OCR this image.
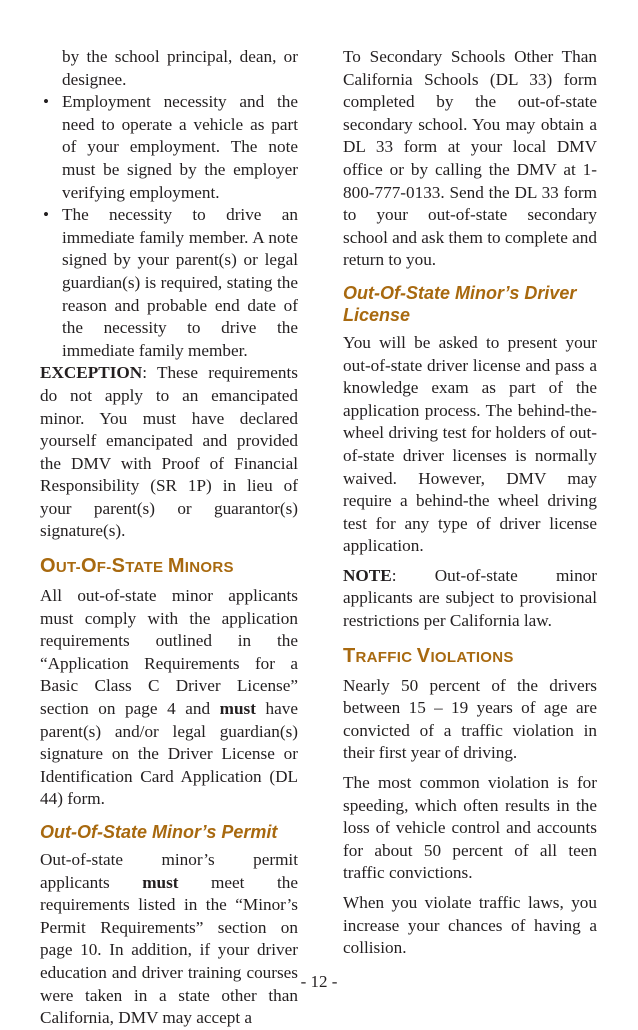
by the school principal, dean, or designee.

• Employment necessity and the need to operate a vehicle as part of your employment. The note must be signed by the employer verifying employment.
• The necessity to drive an immediate family member. A note signed by your parent(s) or legal guardian(s) is required, stating the reason and probable end date of the necessity to drive the immediate family member.

EXCEPTION: These requirements do not apply to an emancipated minor. You must have declared yourself emancipated and provided the DMV with Proof of Financial Responsibility (SR 1P) in lieu of your parent(s) or guarantor(s) signature(s).

OUT-OF-STATE MINORS

All out-of-state minor applicants must comply with the application requirements outlined in the “Application Requirements for a Basic Class C Driver License” section on page 4 and must have parent(s) and/or legal guardian(s) signature on the Driver License or Identification Card Application (DL 44) form.

Out-Of-State Minor’s Permit

Out-of-state minor’s permit applicants must meet the requirements listed in the “Minor’s Permit Requirements” section on page 10. In addition, if your driver education and driver training courses were taken in a state other than California, DMV may accept a

To Secondary Schools Other Than California Schools (DL 33) form completed by the out-of-state secondary school. You may obtain a DL 33 form at your local DMV office or by calling the DMV at 1-800-777-0133. Send the DL 33 form to your out-of-state secondary school and ask them to complete and return to you.

Out-Of-State Minor’s Driver License

You will be asked to present your out-of-state driver license and pass a knowledge exam as part of the application process. The behind-the-wheel driving test for holders of out-of-state driver licenses is normally waived. However, DMV may require a behind-the wheel driving test for any type of driver license application.

NOTE: Out-of-state minor applicants are subject to provisional restrictions per California law.

TRAFFIC VIOLATIONS

Nearly 50 percent of the drivers between 15 – 19 years of age are convicted of a traffic violation in their first year of driving.

The most common violation is for speeding, which often results in the loss of vehicle control and accounts for about 50 percent of all teen traffic convictions.

When you violate traffic laws, you increase your chances of having a collision.

- 12 -
